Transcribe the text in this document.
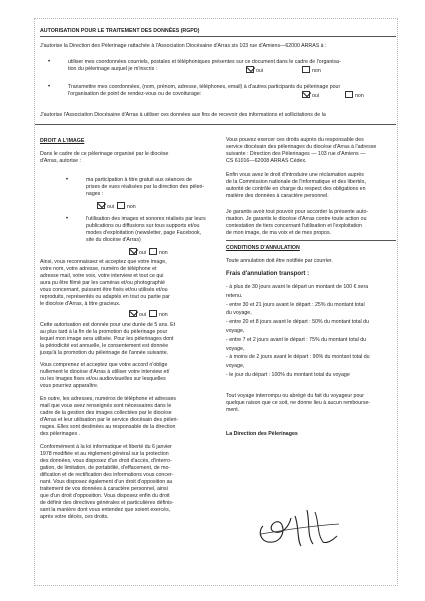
AUTORISATION POUR LE TRAITEMENT DES DONNÉES (RGPD)
J'autorise la Direction des Pèlerinage rattachée à l'Association Diocésaine d'Arras sis 103 rue d'Amiens—62000 ARRAS à :
•	utiliser mes coordonnées courriels, postales et téléphoniques présentes sur ce document dans le cadre de l'organisa-
tion du pèlerinage auquel je m'inscris :	oui	non
•	Transmettre mes coordonnées, (nom, prénom, adresse, téléphones, email) à d'autres participants du pèlerinage pour
l'organisation de point de rendez-vous ou de covoiturage:	oui	non
J'autorise l'Association Diocésaine d'Arras à utiliser ces données aux fins de recevoir des informations et sollicitations de la
DROIT A L'IMAGE
Dans le cadre de ce pèlerinage organisé par le diocèse
d'Arras, autorise :
•	ma participation à titre gratuit aux séances de
prises de vues réalisées par la direction des pèleri-
nages :
oui non
•	l'utilisation des images et sonores réalisés par leurs
publications ou diffusions sur tous supports et/ou
modes d'exploitation (newsletter, page Facebook,
site du diocèse d'Arras)
oui non
Ainsi, vous reconnaissez et acceptez que votre image,
votre nom, votre adresse, numéro de téléphone et
adresse mail, votre voix, votre interview et tout ce qui
aura pu être filmé par les caméras et/ou photographié
vous concernant, puissent être fixés et/ou utilisés et/ou
reproduits, représentés ou adaptés en tout ou partie par
le diocèse d'Arras, à titre gracieux.
oui non
Cette autorisation est donnée pour une durée de 5 ans. Et
au plus tard à la fin de la promotion du pèlerinage pour
lequel mon image sera utilisée. Pour les pèlerinages dont
la périodicité est annuelle, le consentement est donnée
jusqu'à la promotion du pèlerinage de l'année suivante.
Vous comprenez et acceptez que votre accord n'oblige
nullement le diocèse d'Arras à utiliser votre interview et/
ou les images fixes et/ou audiovisuelles sur lesquelles
vous pourriez apparaître.
En outre, les adresses, numéros de téléphone et adresses
mail que vous avez renseignés sont nécessaires dans le
cadre de la gestion des images collectées par le diocèse
d'Arras et leur utilisation par le service diocésain des pèleri-
nages. Elles sont destinées au responsable de la direction
des pèlerinages .
Conformément à la loi informatique et liberté du 6 janvier
1978 modifiée et au règlement général sur la protection
des données, vous disposez d'un droit d'accès, d'interro-
gation, de limitation, de portabilité, d'effacement, de mo-
dification et de rectification des informations vous concer-
nant. Vous disposez également d'un droit d'opposition au
traitement de vos données à caractère personnel, ainsi
que d'un droit d'opposition. Vous disposez enfin du droit
de définir des directives générales et particulières définis-
sant la manière dont vous entendez que soient exercés,
après votre décès, ces droits.
Vous pouvez exercer ces droits auprès du responsable des
service diocésain des pèlerinages du diocèse d'Arras à l'adresse
suivante : Direction des Pèlerinages — 103 rue d'Amiens —
CS 61016—62008 ARRAS Cédex.
Enfin vous avez le droit d'introduire une réclamation auprès
de la Commission nationale de l'informatique et des libertés,
autorité de contrôle en charge du respect des obligations en
matière des données à caractère personnel.
Je garantis avoir tout pouvoir pour accorder la présente auto-
risation. Je garantis le diocèse d'Arras contre toute action ou
contestation de tiers concernant l'utilisation et l'exploitation
de mon image, de ma voix et de mes propos.
CONDITIONS D'ANNULATION
Toute annulation doit être notifiée par courrier.
Frais d'annulation transport :
- à plus de 30 jours avant le départ un montant de 100 € sera
retenu.
- entre 30 et 21 jours avant le départ : 25% du montant total
du voyage,
- entre 20 et 8 jours avant le départ : 50% du montant total du
voyage,
- entre 7 et 2 jours avant le départ : 75% du montant total du
voyage,
- à moins de 2 jours avant le départ : 90% du montant total du
voyage,
- le jour du départ : 100% du montant total du voyage
Tout voyage interrompu ou abrégé du fait du voyageur pour
quelque raison que ce soit, ne donne lieu à aucun rembourse-
ment.
La Direction des Pèlerinages
